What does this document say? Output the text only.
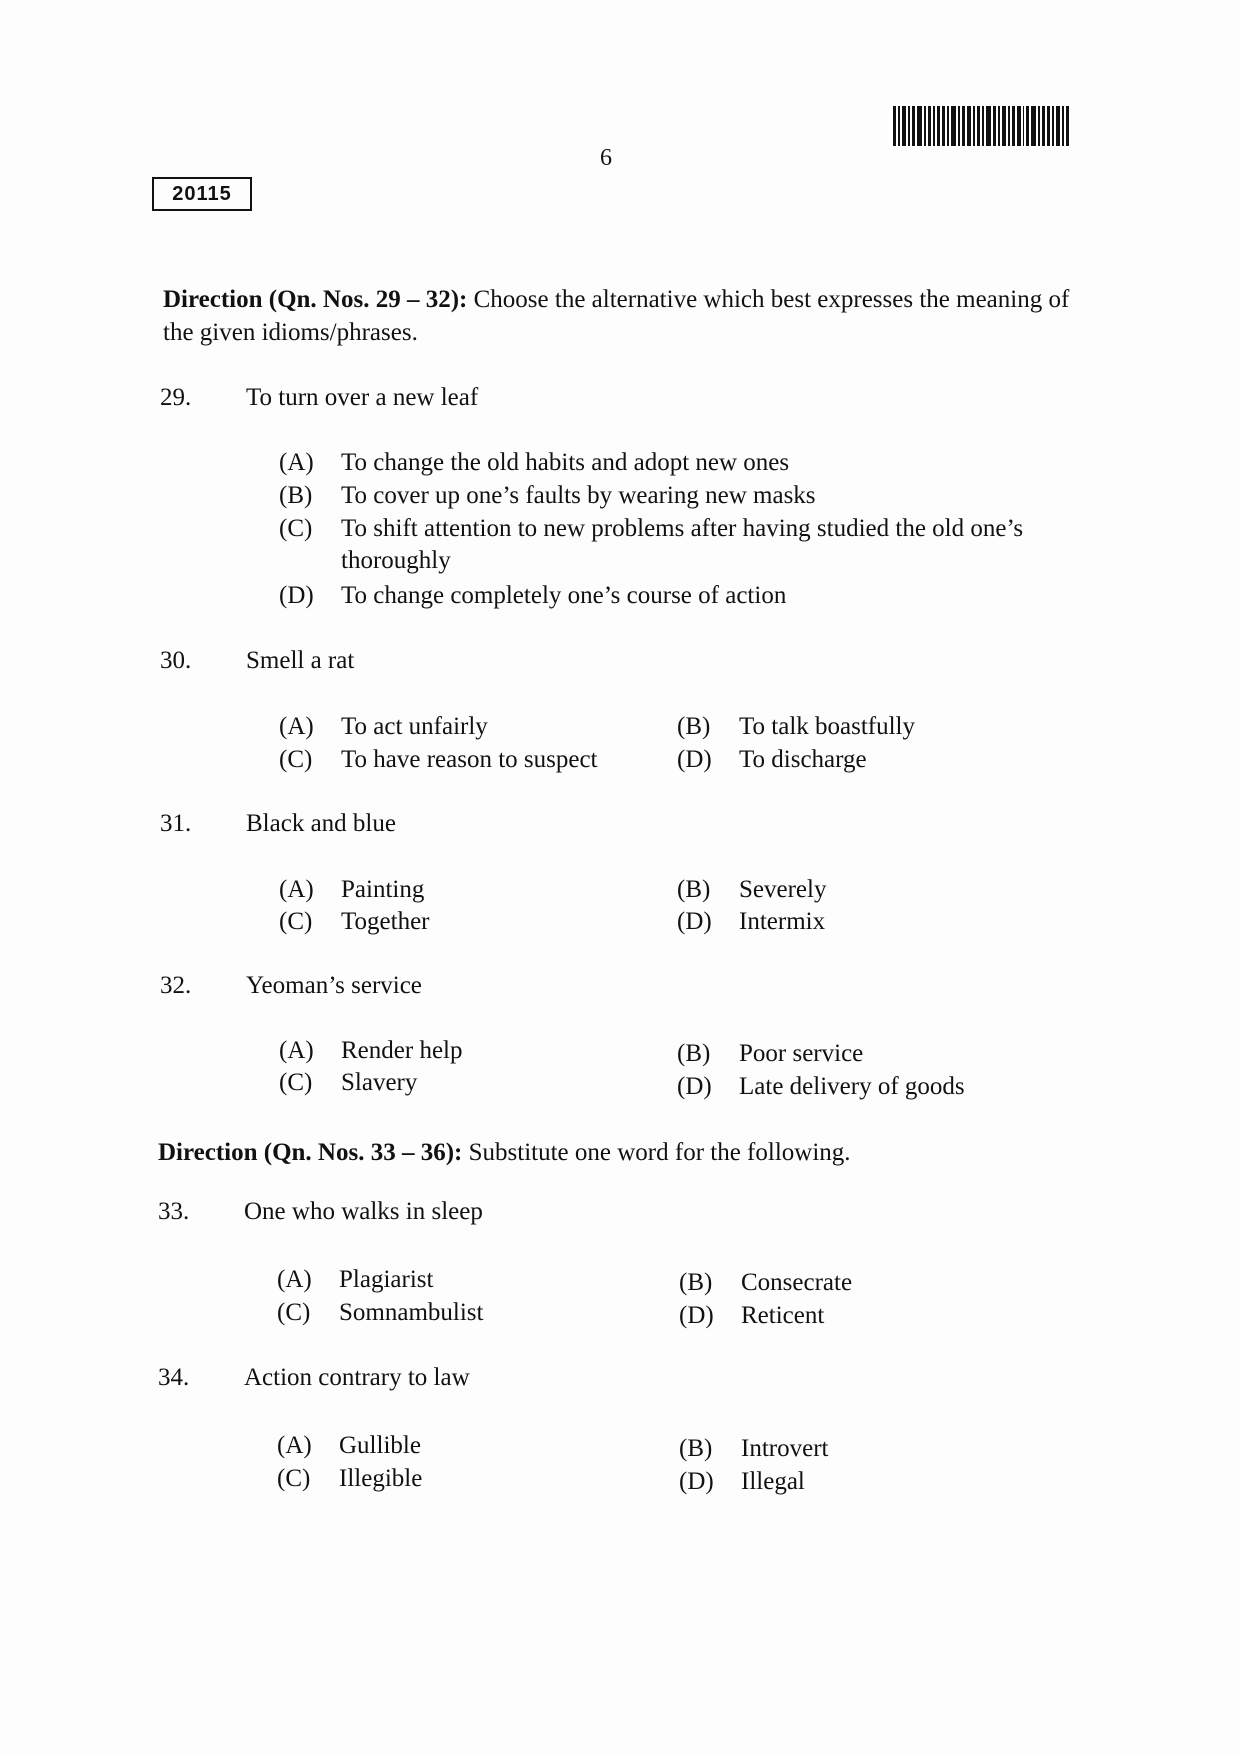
6
20115
Direction (Qn. Nos. 29 – 32): Choose the alternative which best expresses the meaning of the given idioms/phrases.
29. To turn over a new leaf
(A) To change the old habits and adopt new ones
(B) To cover up one’s faults by wearing new masks
(C) To shift attention to new problems after having studied the old one’s thoroughly
(D) To change completely one’s course of action
30. Smell a rat
(A) To act unfairly	(B) To talk boastfully
(C) To have reason to suspect	(D) To discharge
31. Black and blue
(A) Painting	(B) Severely
(C) Together	(D) Intermix
32. Yeoman’s service
(A) Render help	(B) Poor service
(C) Slavery	(D) Late delivery of goods
Direction (Qn. Nos. 33 – 36): Substitute one word for the following.
33. One who walks in sleep
(A) Plagiarist	(B) Consecrate
(C) Somnambulist	(D) Reticent
34. Action contrary to law
(A) Gullible	(B) Introvert
(C) Illegible	(D) Illegal
